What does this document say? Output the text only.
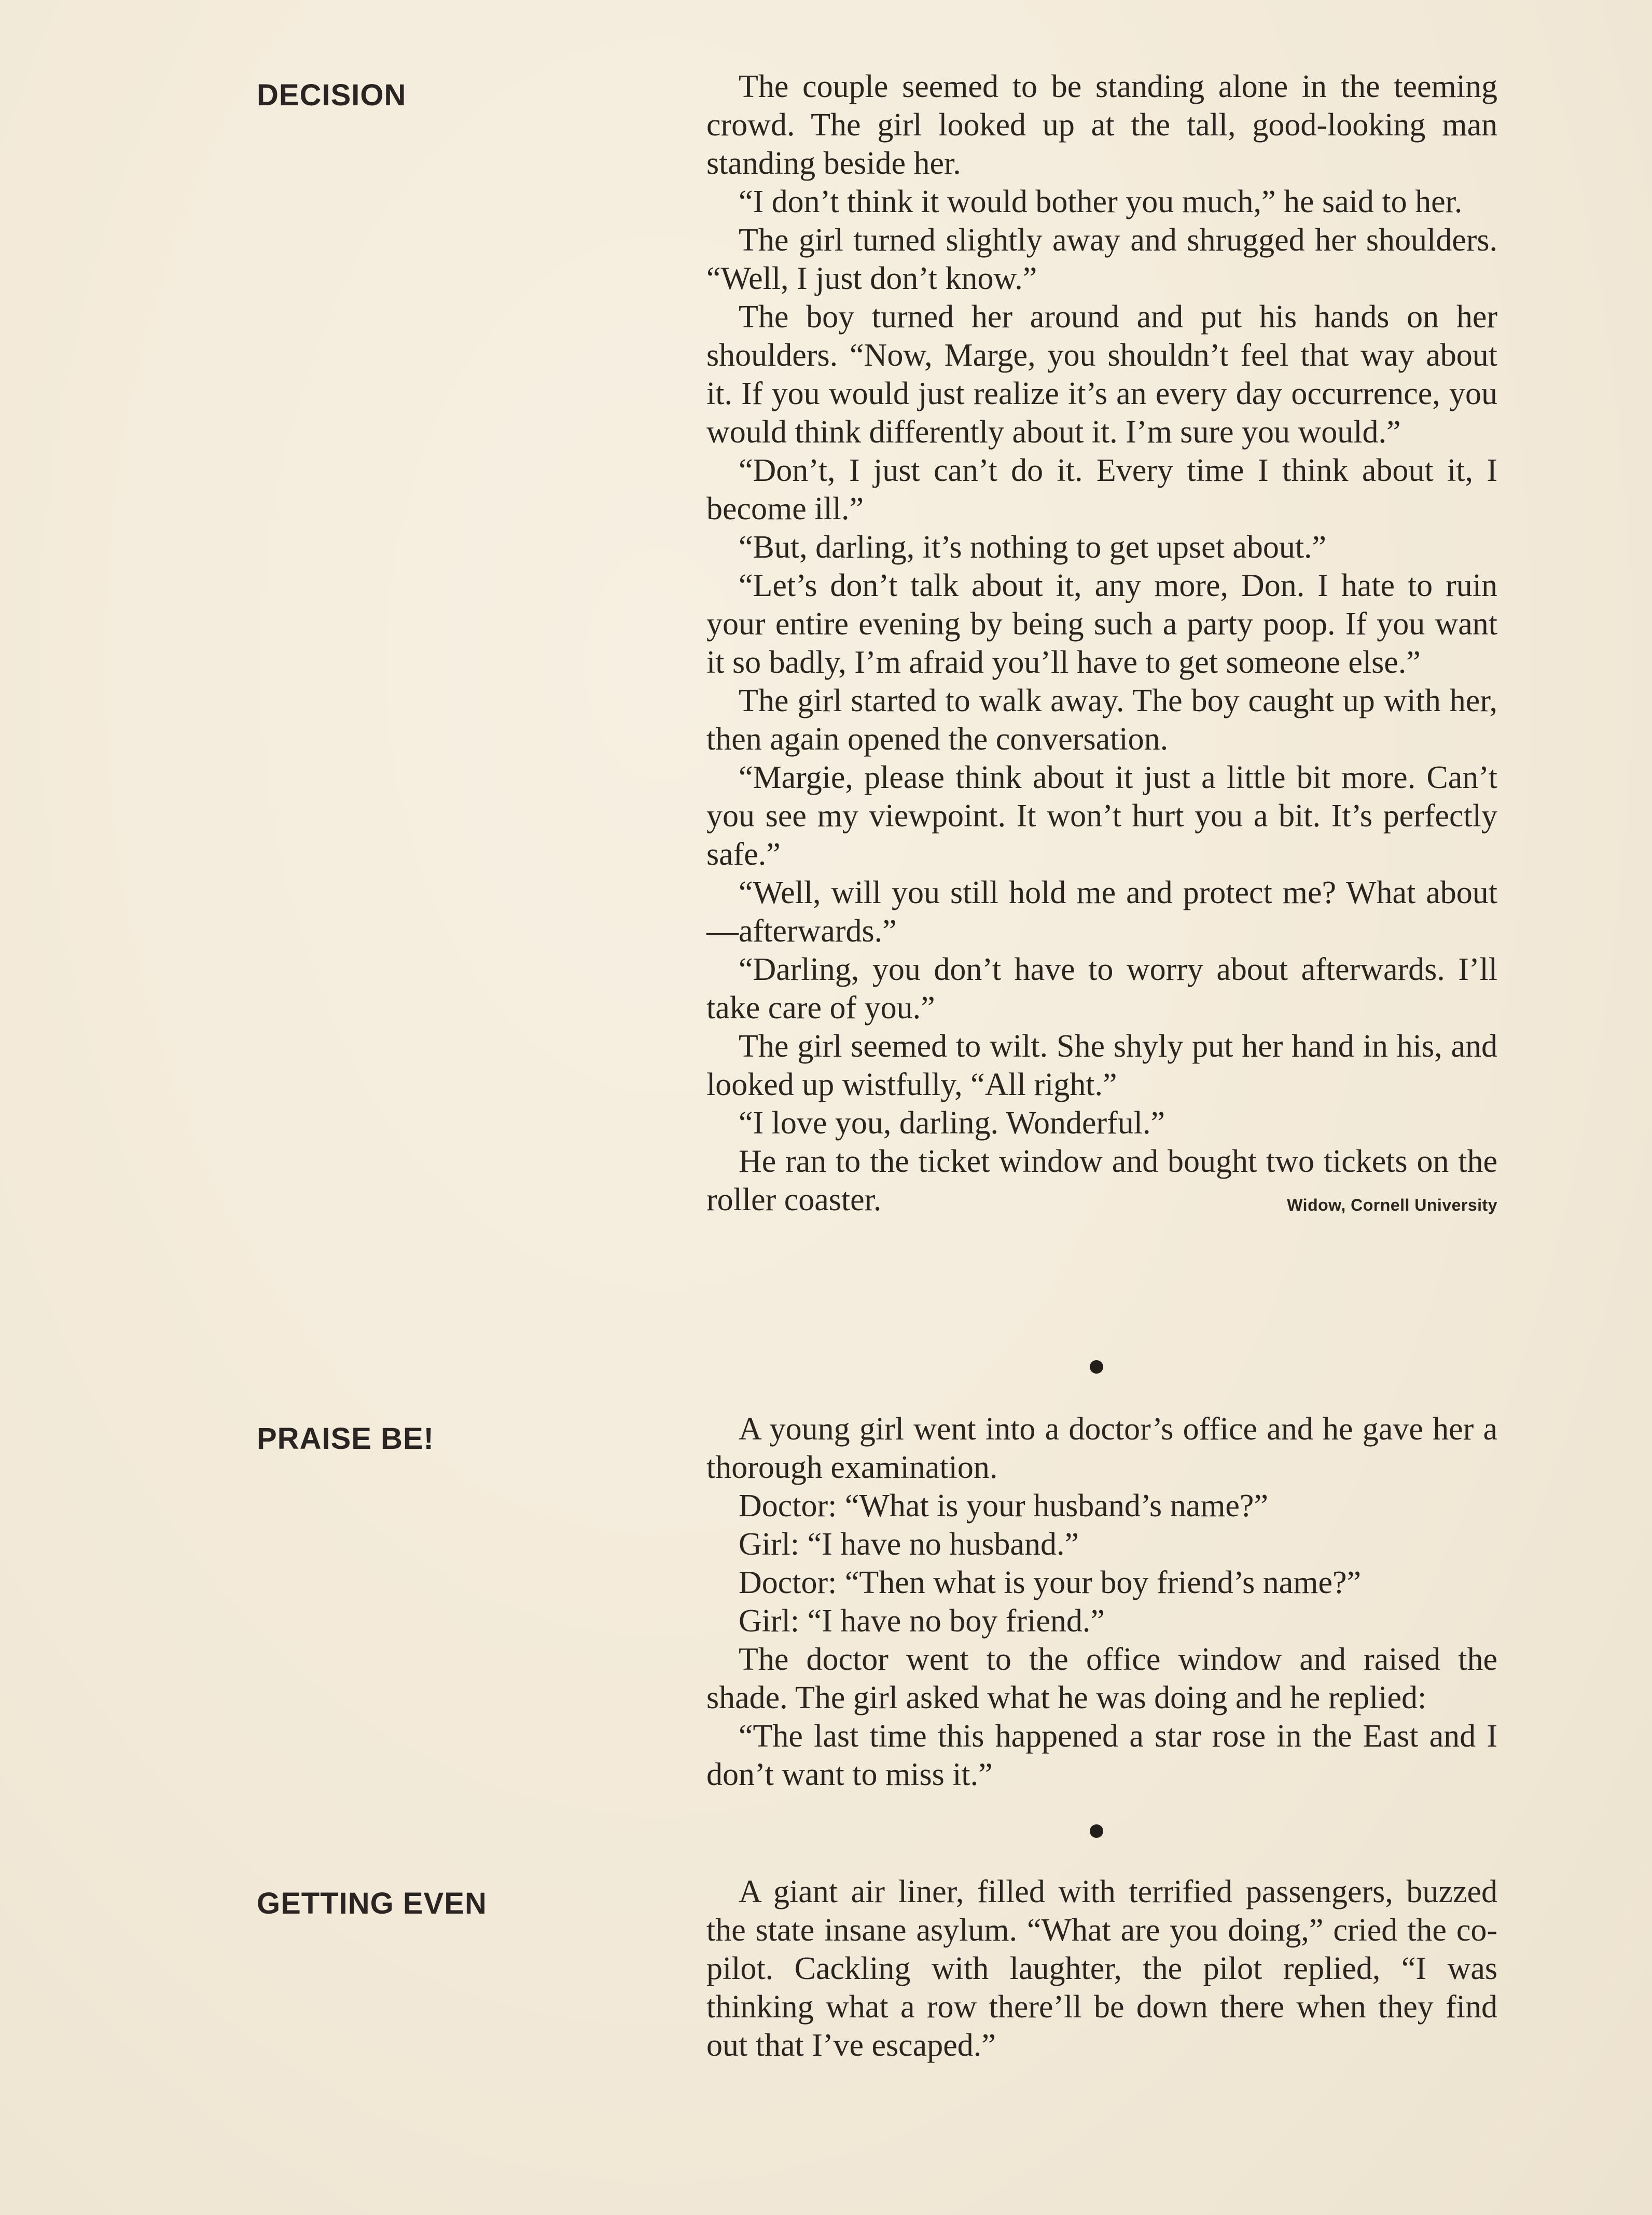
DECISION	The couple seemed to be standing alone in the teeming crowd. The girl looked up at the tall, good-looking man standing beside her.

“I don’t think it would bother you much,” he said to her.

The girl turned slightly away and shrugged her shoulders. “Well, I just don’t know.”

The boy turned her around and put his hands on her shoulders. “Now, Marge, you shouldn’t feel that way about it. If you would just realize it’s an every day occurrence, you would think differently about it. I’m sure you would.”

“Don’t, I just can’t do it. Every time I think about it, I become ill.”

“But, darling, it’s nothing to get upset about.”

“Let’s don’t talk about it, any more, Don. I hate to ruin your entire evening by being such a party poop. If you want it so badly, I’m afraid you’ll have to get someone else.”

The girl started to walk away. The boy caught up with her, then again opened the conversation.

“Margie, please think about it just a little bit more. Can’t you see my viewpoint. It won’t hurt you a bit. It’s perfectly safe.”

“Well, will you still hold me and protect me? What about—afterwards.”

“Darling, you don’t have to worry about afterwards. I’ll take care of you.”

The girl seemed to wilt. She shyly put her hand in his, and looked up wistfully, “All right.”

“I love you, darling. Wonderful.”

He ran to the ticket window and bought two tickets on the roller coaster.	Widow, Cornell University

PRAISE BE!	A young girl went into a doctor’s office and he gave her a thorough examination.

Doctor: “What is your husband’s name?”

Girl: “I have no husband.”

Doctor: “Then what is your boy friend’s name?”

Girl: “I have no boy friend.”

The doctor went to the office window and raised the shade. The girl asked what he was doing and he replied:

“The last time this happened a star rose in the East and I don’t want to miss it.”

GETTING EVEN	A giant air liner, filled with terrified passengers, buzzed the state insane asylum. “What are you doing,” cried the co-pilot. Cackling with laughter, the pilot replied, “I was thinking what a row there’ll be down there when they find out that I’ve escaped.”
